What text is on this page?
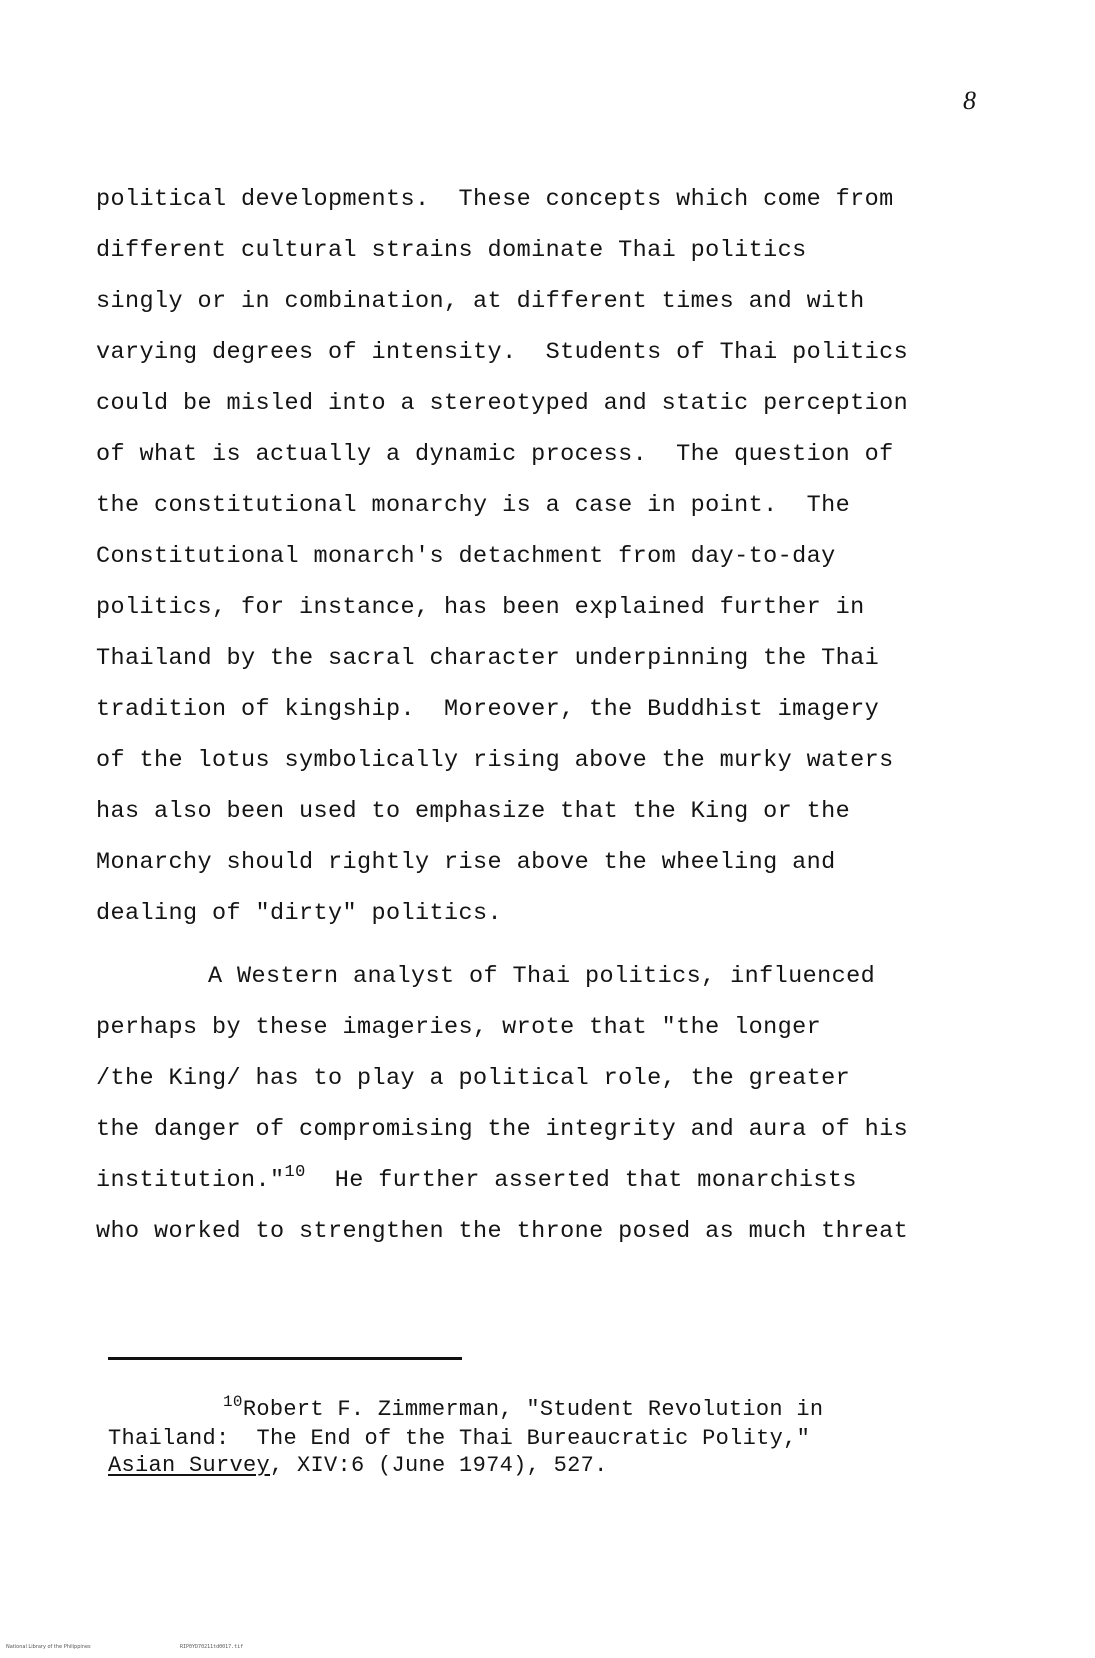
8
political developments.  These concepts which come from
different cultural strains dominate Thai politics
singly or in combination, at different times and with
varying degrees of intensity.  Students of Thai politics
could be misled into a stereotyped and static perception
of what is actually a dynamic process.  The question of
the constitutional monarchy is a case in point.  The
Constitutional monarch's detachment from day-to-day
politics, for instance, has been explained further in
Thailand by the sacral character underpinning the Thai
tradition of kingship.  Moreover, the Buddhist imagery
of the lotus symbolically rising above the murky waters
has also been used to emphasize that the King or the
Monarchy should rightly rise above the wheeling and
dealing of "dirty" politics.
A Western analyst of Thai politics, influenced
perhaps by these imageries, wrote that "the longer
/the King/ has to play a political role, the greater
the danger of compromising the integrity and aura of his
institution."$^{10}$  He further asserted that monarchists
who worked to strengthen the throne posed as much threat
$^{10}$Robert F. Zimmerman, "Student Revolution in
Thailand:  The End of the Thai Bureaucratic Polity,"
Asian Survey, XIV:6 (June 1974), 527.
National Library of the Philippines	RIP0YD70211td0017.tif
